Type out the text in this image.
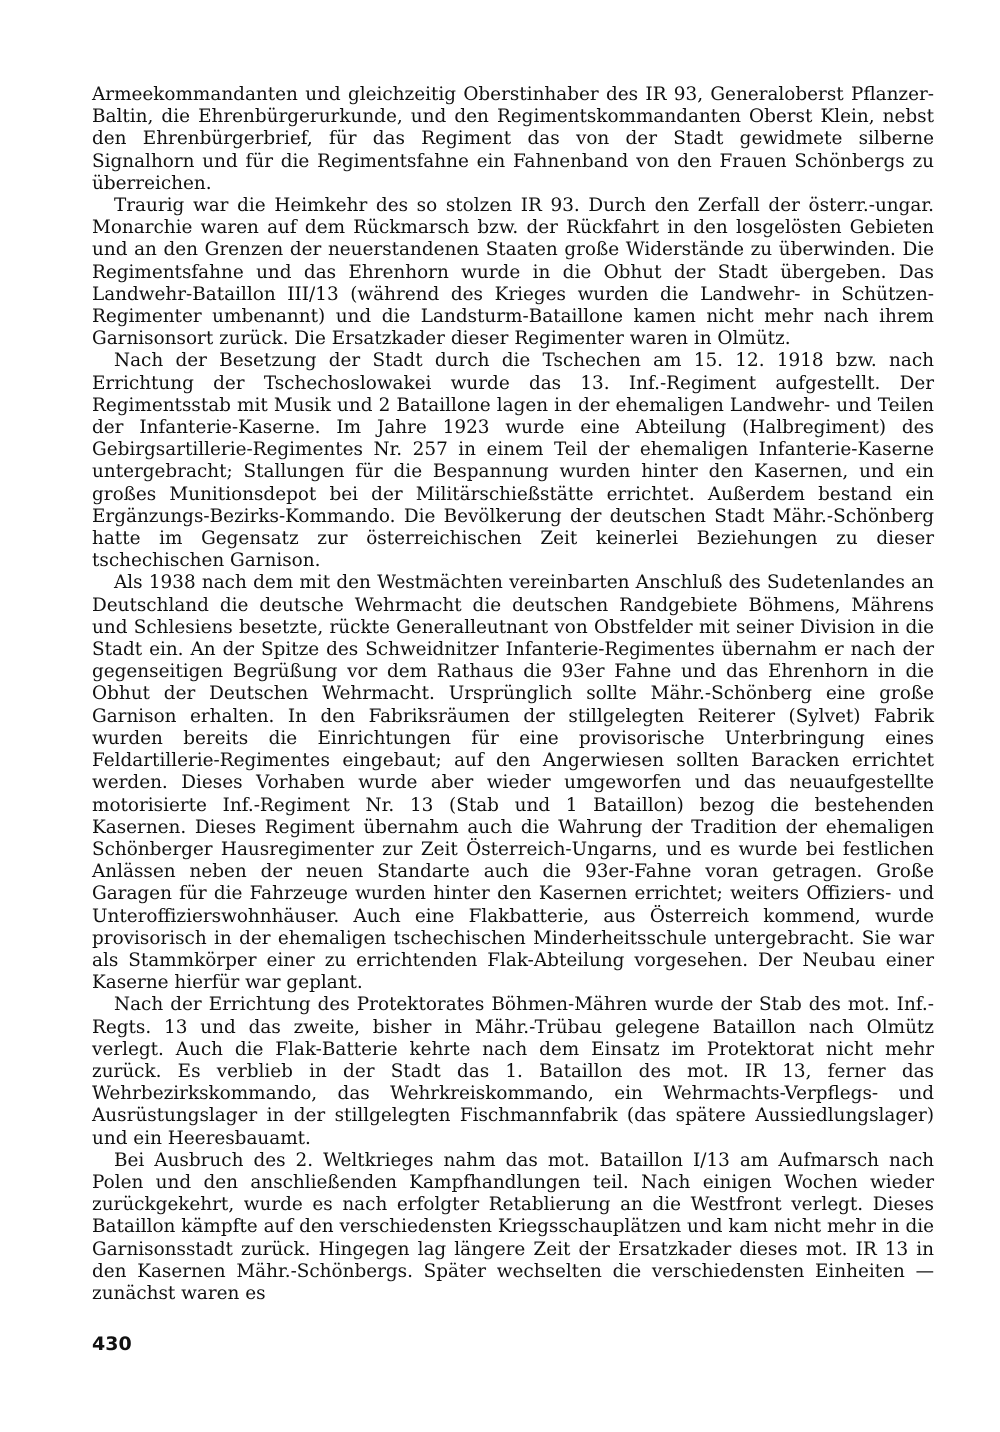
Armeekommandanten und gleichzeitig Oberstinhaber des IR 93, Generaloberst Pflanzer-Baltin, die Ehrenbürgerurkunde, und den Regimentskommandanten Oberst Klein, nebst den Ehrenbürgerbrief, für das Regiment das von der Stadt gewidmete silberne Signalhorn und für die Regimentsfahne ein Fahnenband von den Frauen Schönbergs zu überreichen.

Traurig war die Heimkehr des so stolzen IR 93. Durch den Zerfall der österr.-ungar. Monarchie waren auf dem Rückmarsch bzw. der Rückfahrt in den losgelösten Gebieten und an den Grenzen der neuerstandenen Staaten große Widerstände zu überwinden. Die Regimentsfahne und das Ehrenhorn wurde in die Obhut der Stadt übergeben. Das Landwehr-Bataillon III/13 (während des Krieges wurden die Landwehr- in Schützen-Regimenter umbenannt) und die Landsturm-Bataillone kamen nicht mehr nach ihrem Garnisonsort zurück. Die Ersatzkader dieser Regimenter waren in Olmütz.

Nach der Besetzung der Stadt durch die Tschechen am 15. 12. 1918 bzw. nach Errichtung der Tschechoslowakei wurde das 13. Inf.-Regiment aufgestellt. Der Regimentsstab mit Musik und 2 Bataillone lagen in der ehemaligen Landwehr- und Teilen der Infanterie-Kaserne. Im Jahre 1923 wurde eine Abteilung (Halbregiment) des Gebirgsartillerie-Regimentes Nr. 257 in einem Teil der ehemaligen Infanterie-Kaserne untergebracht; Stallungen für die Bespannung wurden hinter den Kasernen, und ein großes Munitionsdepot bei der Militärschießstätte errichtet. Außerdem bestand ein Ergänzungs-Bezirks-Kommando. Die Bevölkerung der deutschen Stadt Mähr.-Schönberg hatte im Gegensatz zur österreichischen Zeit keinerlei Beziehungen zu dieser tschechischen Garnison.

Als 1938 nach dem mit den Westmächten vereinbarten Anschluß des Sudetenlandes an Deutschland die deutsche Wehrmacht die deutschen Randgebiete Böhmens, Mährens und Schlesiens besetzte, rückte Generalleutnant von Obstfelder mit seiner Division in die Stadt ein. An der Spitze des Schweidnitzer Infanterie-Regimentes übernahm er nach der gegenseitigen Begrüßung vor dem Rathaus die 93er Fahne und das Ehrenhorn in die Obhut der Deutschen Wehrmacht. Ursprünglich sollte Mähr.-Schönberg eine große Garnison erhalten. In den Fabriksräumen der stillgelegten Reiterer (Sylvet) Fabrik wurden bereits die Einrichtungen für eine provisorische Unterbringung eines Feldartillerie-Regimentes eingebaut; auf den Angerwiesen sollten Baracken errichtet werden. Dieses Vorhaben wurde aber wieder umgeworfen und das neuaufgestellte motorisierte Inf.-Regiment Nr. 13 (Stab und 1 Bataillon) bezog die bestehenden Kasernen. Dieses Regiment übernahm auch die Wahrung der Tradition der ehemaligen Schönberger Hausregimenter zur Zeit Österreich-Ungarns, und es wurde bei festlichen Anlässen neben der neuen Standarte auch die 93er-Fahne voran getragen. Große Garagen für die Fahrzeuge wurden hinter den Kasernen errichtet; weiters Offiziers- und Unteroffizierswohnhäuser. Auch eine Flakbatterie, aus Österreich kommend, wurde provisorisch in der ehemaligen tschechischen Minderheitsschule untergebracht. Sie war als Stammkörper einer zu errichtenden Flak-Abteilung vorgesehen. Der Neubau einer Kaserne hierfür war geplant.

Nach der Errichtung des Protektorates Böhmen-Mähren wurde der Stab des mot. Inf.-Regts. 13 und das zweite, bisher in Mähr.-Trübau gelegene Bataillon nach Olmütz verlegt. Auch die Flak-Batterie kehrte nach dem Einsatz im Protektorat nicht mehr zurück. Es verblieb in der Stadt das 1. Bataillon des mot. IR 13, ferner das Wehrbezirkskommando, das Wehrkreiskommando, ein Wehrmachts-Verpflegs- und Ausrüstungslager in der stillgelegten Fischmannfabrik (das spätere Aussiedlungslager) und ein Heeresbauamt.

Bei Ausbruch des 2. Weltkrieges nahm das mot. Bataillon I/13 am Aufmarsch nach Polen und den anschließenden Kampfhandlungen teil. Nach einigen Wochen wieder zurückgekehrt, wurde es nach erfolgter Retablierung an die Westfront verlegt. Dieses Bataillon kämpfte auf den verschiedensten Kriegsschauplätzen und kam nicht mehr in die Garnisonsstadt zurück. Hingegen lag längere Zeit der Ersatzkader dieses mot. IR 13 in den Kasernen Mähr.-Schönbergs. Später wechselten die verschiedensten Einheiten — zunächst waren es

430
